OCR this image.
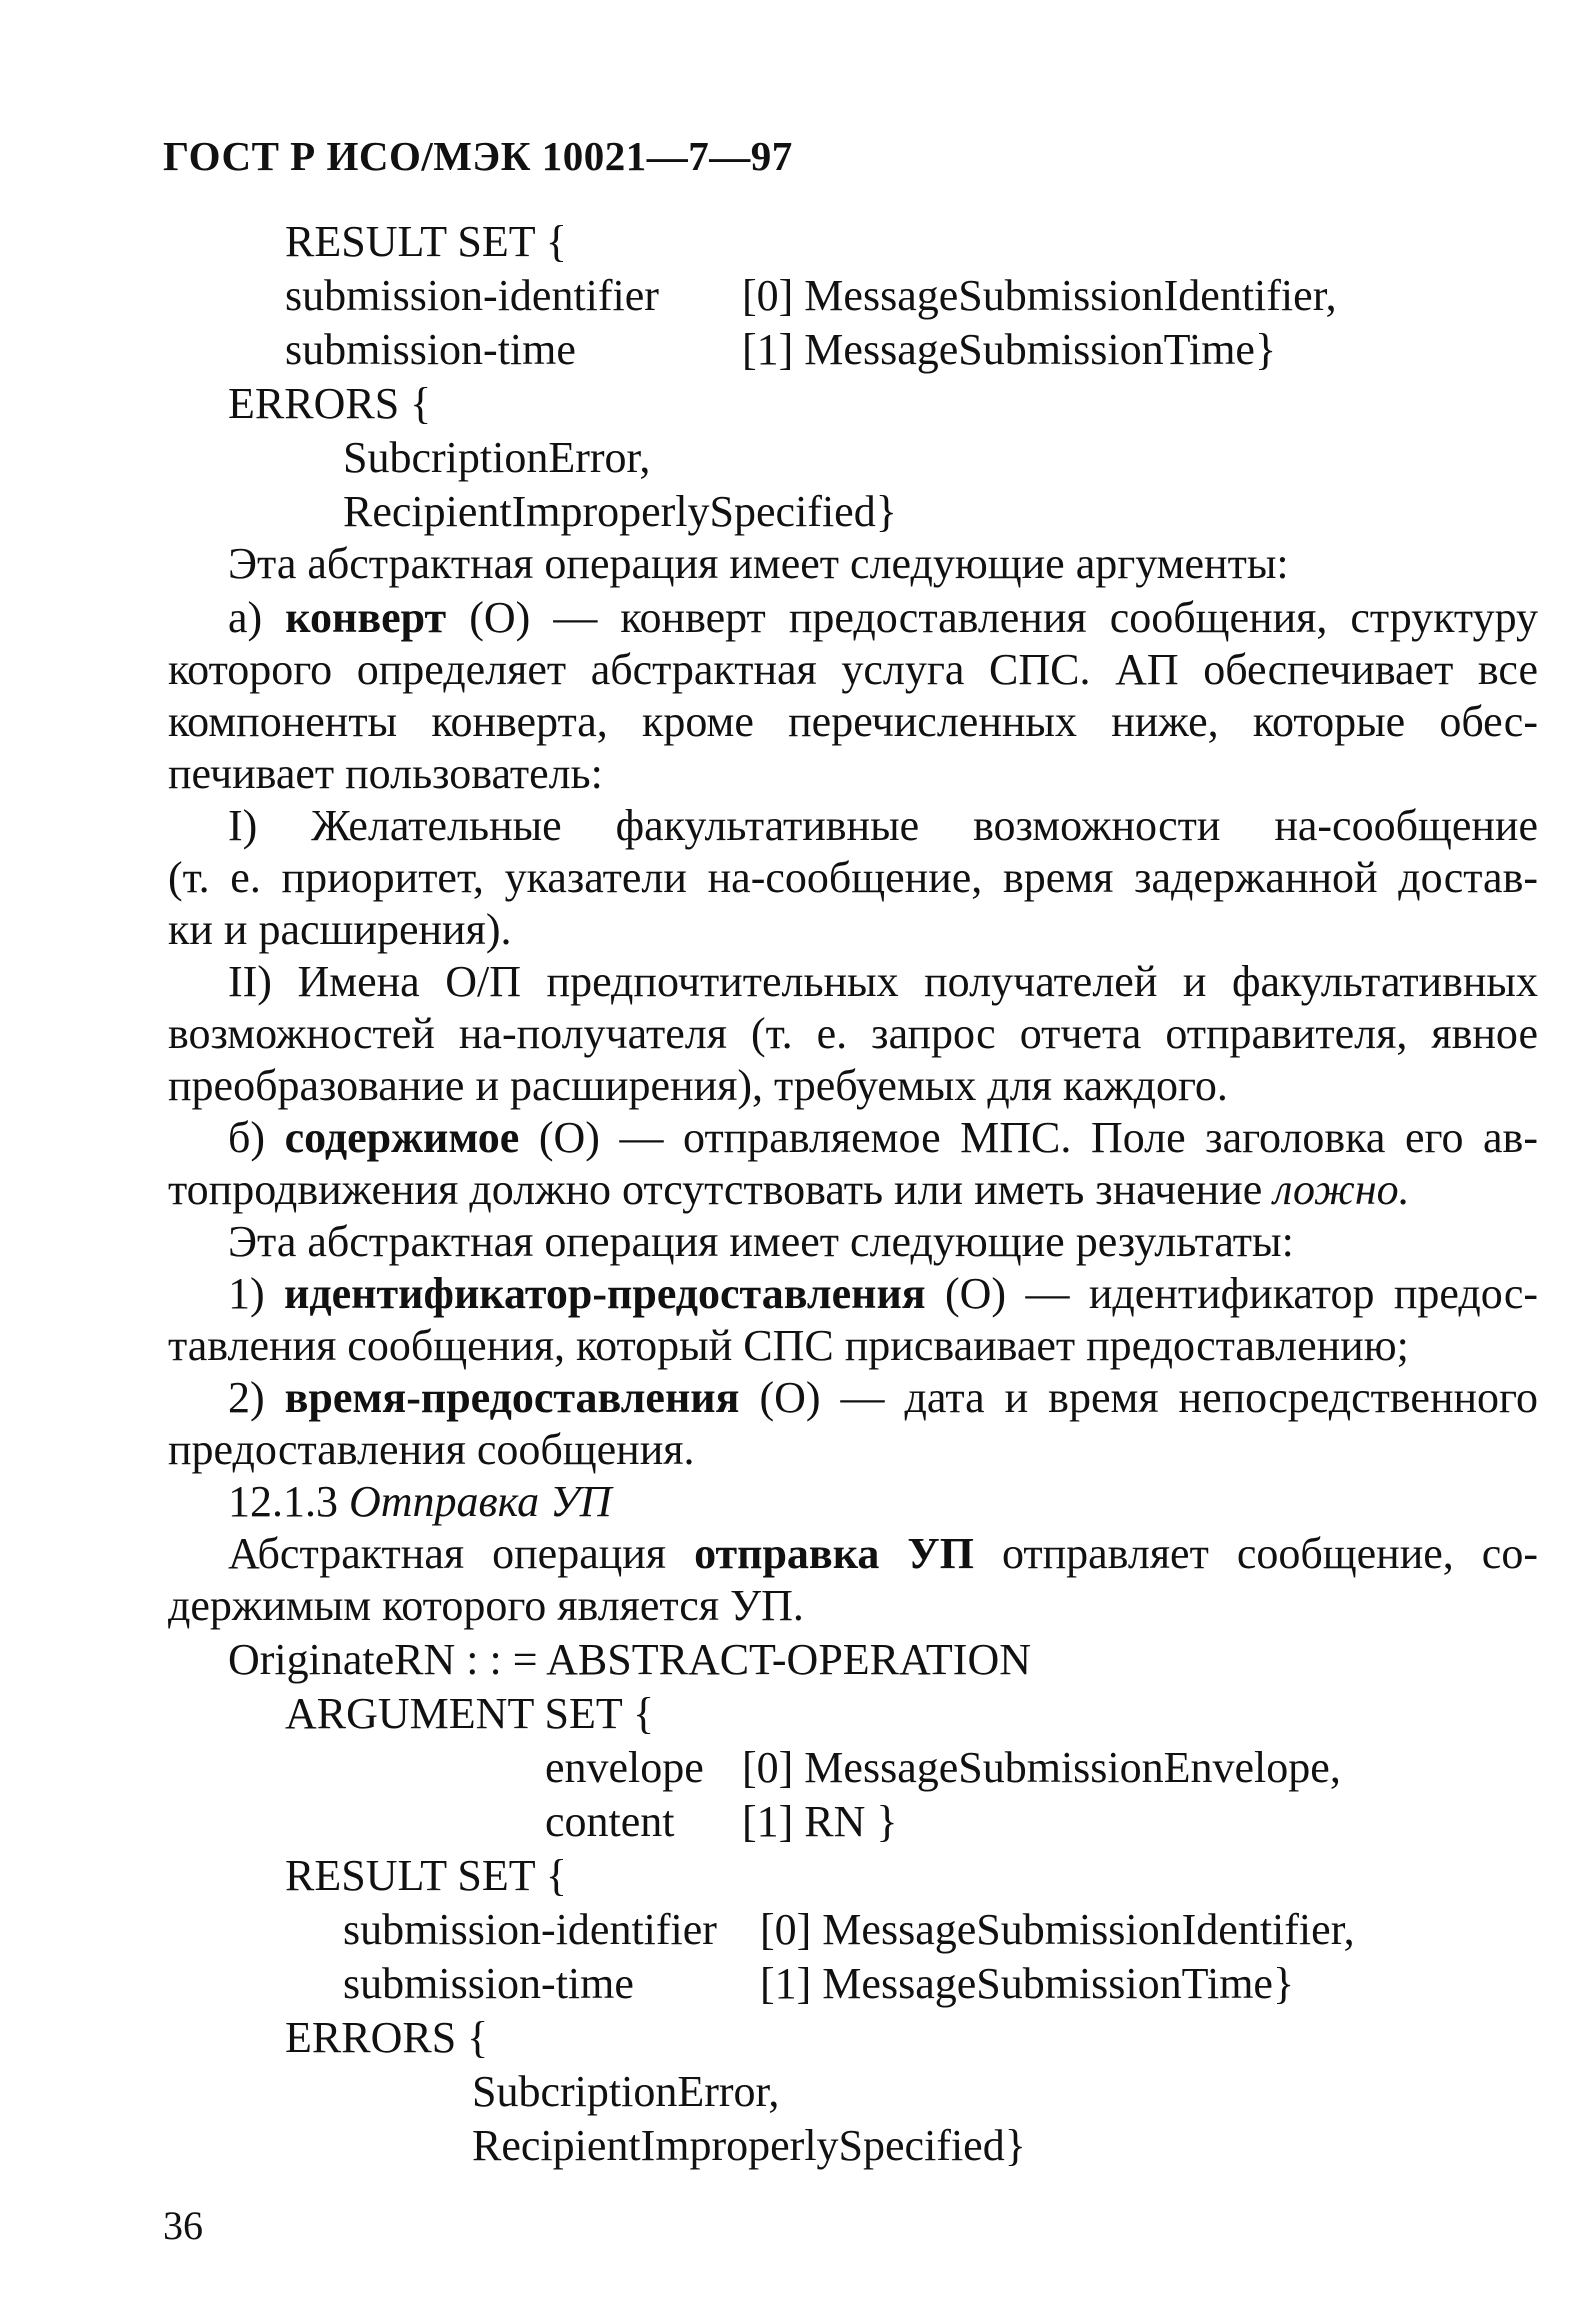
ГОСТ Р ИСО/МЭК 10021—7—97
RESULT SET {
submission-identifier [0] MessageSubmissionIdentifier,
submission-time	[1] MessageSubmissionTime}
ERRORS {
SubcriptionError,
RecipientImproperlySpecified}
Эта абстрактная операция имеет следующие аргументы:
а) конверт (О) — конверт предоставления сообщения, структуру
которого определяет абстрактная услуга СПС. АП обеспечивает все
компоненты конверта, кроме перечисленных ниже, которые обес-
печивает пользователь:
I) Желательные факультативные возможности на-сообщение
(т. е. приоритет, указатели на-сообщение, время задержанной достав-
ки и расширения).
II) Имена О/П предпочтительных получателей и факультативных
возможностей на-получателя (т. е. запрос отчета отправителя, явное
преобразование и расширения), требуемых для каждого.
б) содержимое (О) — отправляемое МПС. Поле заголовка его ав-
топродвижения должно отсутствовать или иметь значение ложно.
Эта абстрактная операция имеет следующие результаты:
1) идентификатор-предоставления (О) — идентификатор предос-
тавления сообщения, который СПС присваивает предоставлению;
2) время-предоставления (О) — дата и время непосредственного
предоставления сообщения.
12.1.3 Отправка УП
Абстрактная операция отправка УП отправляет сообщение, со-
держимым которого является УП.
OriginateRN : : = ABSTRACT-OPERATION
ARGUMENT SET {
envelope [0] MessageSubmissionEnvelope,
content [1] RN }
RESULT SET {
submission-identifier [0] MessageSubmissionIdentifier,
submission-time	[1] MessageSubmissionTime}
ERRORS {
SubcriptionError,
RecipientImproperlySpecified}
36
